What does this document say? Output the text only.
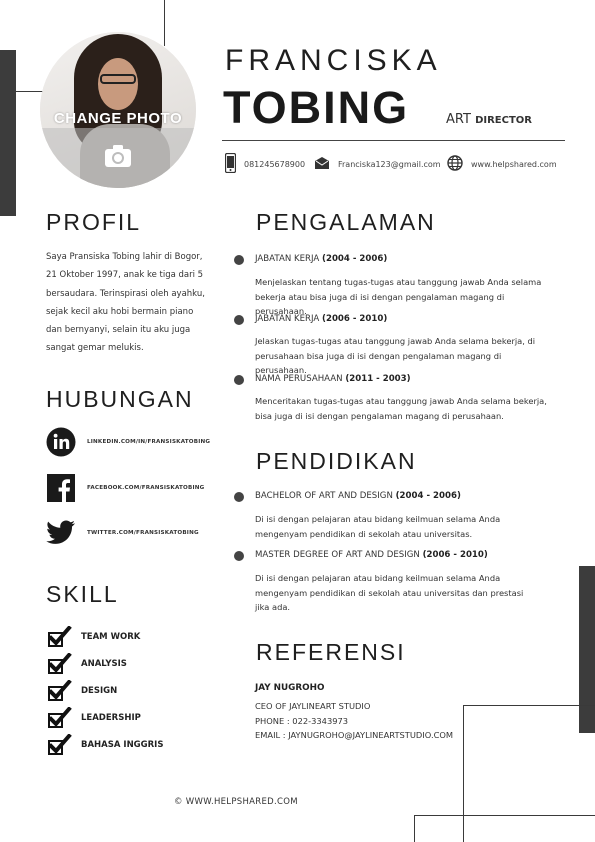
CHANGE PHOTO
FRANCISKA
TOBING	ART DIRECTOR
081245678900	Franciska123@gmail.com	www.helpshared.com
PROFIL
Saya Pransiska Tobing lahir di Bogor,
21 Oktober 1997, anak ke tiga dari 5
bersaudara. Terinspirasi oleh ayahku,
sejak kecil aku hobi bermain piano
dan bernyanyi, selain itu aku juga
sangat gemar melukis.
HUBUNGAN
LINKEDIN.COM/IN/FRANSISKATOBING
FACEBOOK.COM/FRANSISKATOBING
TWITTER.COM/FRANSISKATOBING
SKILL
TEAM WORK
ANALYSIS
DESIGN
LEADERSHIP
BAHASA INGGRIS
PENGALAMAN
JABATAN KERJA (2004 - 2006)
Menjelaskan tentang tugas-tugas atau tanggung jawab Anda selama
bekerja atau bisa juga di isi dengan pengalaman magang di perusahaan.
JABATAN KERJA (2006 - 2010)
Jelaskan tugas-tugas atau tanggung jawab Anda selama bekerja, di
perusahaan bisa juga di isi dengan pengalaman magang di perusahaan.
NAMA PERUSAHAAN (2011 - 2003)
Menceritakan tugas-tugas atau tanggung jawab Anda selama bekerja,
bisa juga di isi dengan pengalaman magang di perusahaan.
PENDIDIKAN
BACHELOR OF ART AND DESIGN (2004 - 2006)
Di isi dengan pelajaran atau bidang keilmuan selama Anda
mengenyam pendidikan di sekolah atau universitas.
MASTER DEGREE OF ART AND DESIGN (2006 - 2010)
Di isi dengan pelajaran atau bidang keilmuan selama Anda
mengenyam pendidikan di sekolah atau universitas dan prestasi
jika ada.
REFERENSI
JAY NUGROHO
CEO OF JAYLINEART STUDIO
PHONE : 022-3343973
EMAIL : JAYNUGROHO@JAYLINEARTSTUDIO.COM
© WWW.HELPSHARED.COM
